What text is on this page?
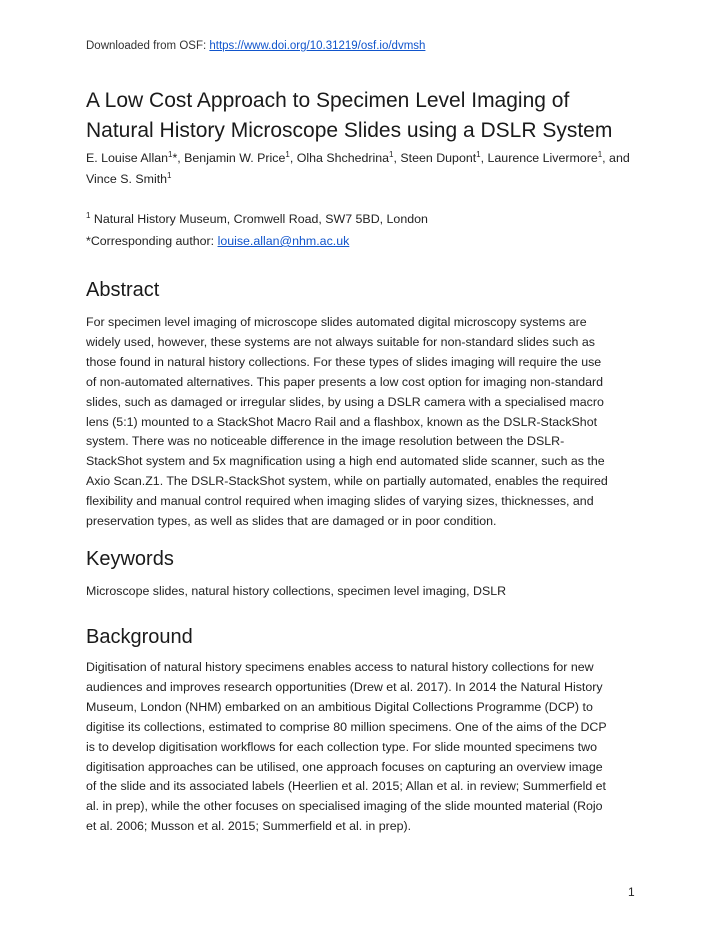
Downloaded from OSF: https://www.doi.org/10.31219/osf.io/dvmsh
A Low Cost Approach to Specimen Level Imaging of
Natural History Microscope Slides using a DSLR System
E. Louise Allan$^1$*, Benjamin W. Price$^1$, Olha Shchedrina$^1$, Steen Dupont$^1$, Laurence Livermore$^1$, and
Vince S. Smith$^1$
$^1$ Natural History Museum, Cromwell Road, SW7 5BD, London
*Corresponding author: louise.allan@nhm.ac.uk
Abstract
For specimen level imaging of microscope slides automated digital microscopy systems are
widely used, however, these systems are not always suitable for non-standard slides such as
those found in natural history collections. For these types of slides imaging will require the use
of non-automated alternatives. This paper presents a low cost option for imaging non-standard
slides, such as damaged or irregular slides, by using a DSLR camera with a specialised macro
lens (5:1) mounted to a StackShot Macro Rail and a flashbox, known as the DSLR-StackShot
system. There was no noticeable difference in the image resolution between the DSLR-
StackShot system and 5x magnification using a high end automated slide scanner, such as the
Axio Scan.Z1. The DSLR-StackShot system, while on partially automated, enables the required
flexibility and manual control required when imaging slides of varying sizes, thicknesses, and
preservation types, as well as slides that are damaged or in poor condition.
Keywords
Microscope slides, natural history collections, specimen level imaging, DSLR
Background
Digitisation of natural history specimens enables access to natural history collections for new
audiences and improves research opportunities (Drew et al. 2017). In 2014 the Natural History
Museum, London (NHM) embarked on an ambitious Digital Collections Programme (DCP) to
digitise its collections, estimated to comprise 80 million specimens. One of the aims of the DCP
is to develop digitisation workflows for each collection type. For slide mounted specimens two
digitisation approaches can be utilised, one approach focuses on capturing an overview image
of the slide and its associated labels (Heerlien et al. 2015; Allan et al. in review; Summerfield et
al. in prep), while the other focuses on specialised imaging of the slide mounted material (Rojo
et al. 2006; Musson et al. 2015; Summerfield et al. in prep).
1
